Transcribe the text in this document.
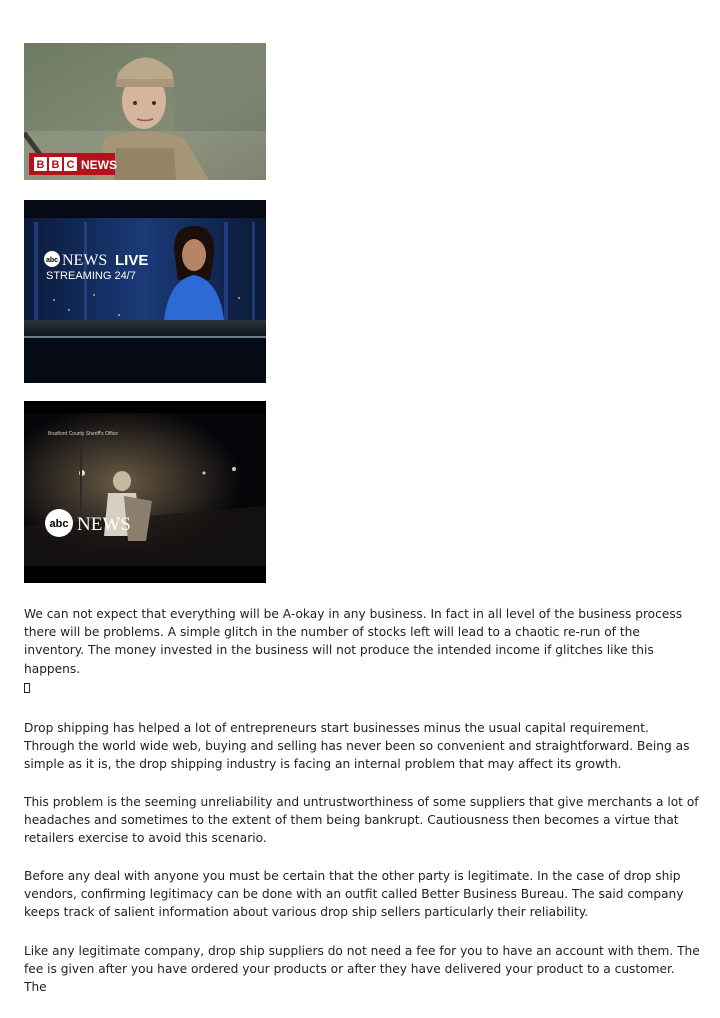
B B C NEWS
abc NEWS LIVE
STREAMING 24/7
Bradford County Sheriff's Office
abc NEWS

We can not expect that everything will be A-okay in any business. In fact in all level of the business process there will be problems. A simple glitch in the number of stocks left will lead to a chaotic re-run of the inventory. The money invested in the business will not produce the intended income if glitches like this happens.

Drop shipping has helped a lot of entrepreneurs start businesses minus the usual capital requirement. Through the world wide web, buying and selling has never been so convenient and straightforward. Being as simple as it is, the drop shipping industry is facing an internal problem that may affect its growth.

This problem is the seeming unreliability and untrustworthiness of some suppliers that give merchants a lot of headaches and sometimes to the extent of them being bankrupt. Cautiousness then becomes a virtue that retailers exercise to avoid this scenario.

Before any deal with anyone you must be certain that the other party is legitimate. In the case of drop ship vendors, confirming legitimacy can be done with an outfit called Better Business Bureau. The said company keeps track of salient information about various drop ship sellers particularly their reliability.

Like any legitimate company, drop ship suppliers do not need a fee for you to have an account with them. The fee is given after you have ordered your products or after they have delivered your product to a customer. The
